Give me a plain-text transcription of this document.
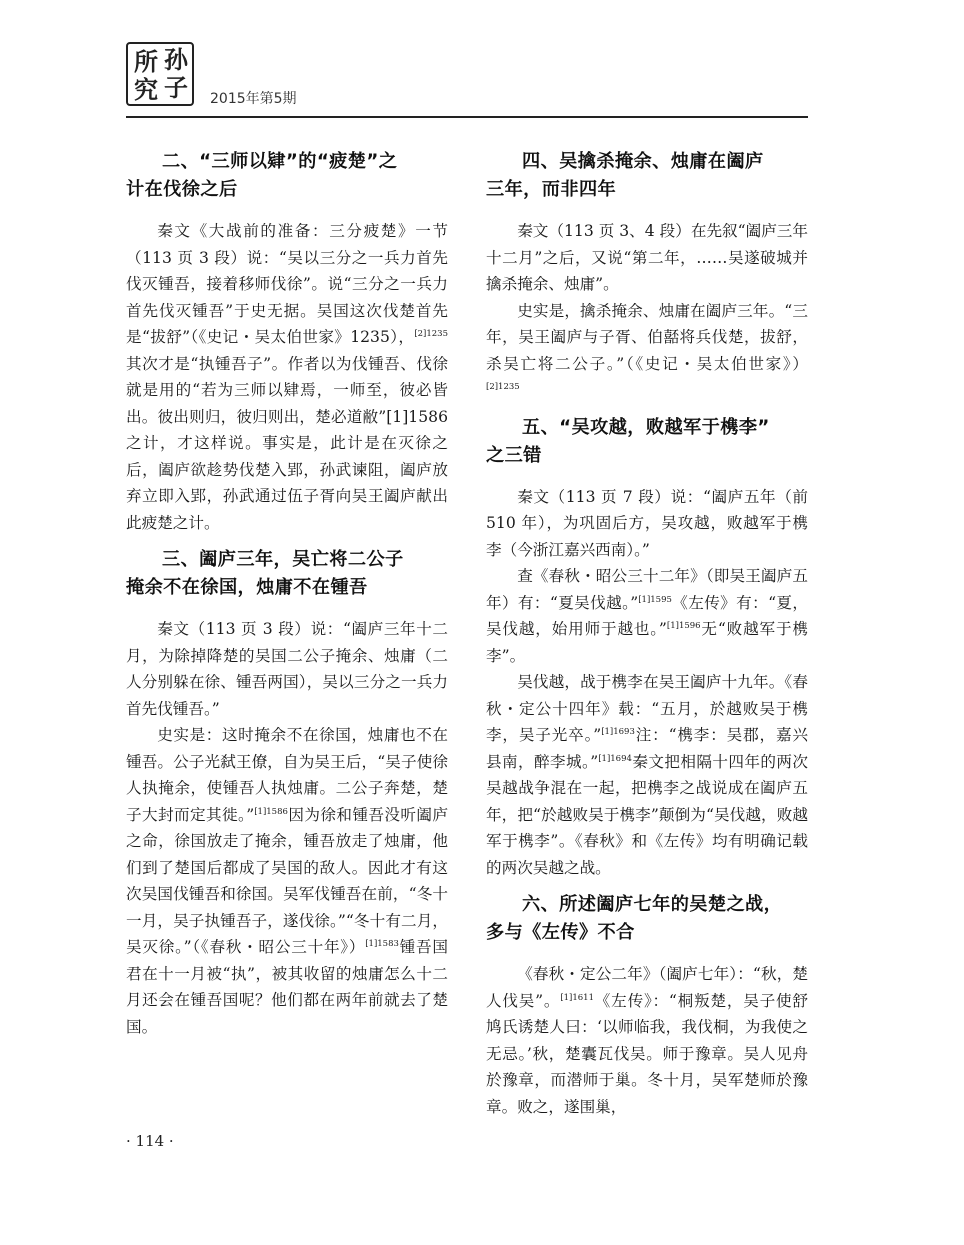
所 孙
究 子 2015年第5期
二、“三师以肄”的“疲楚”之
计在伐徐之后

秦文《大战前的准备：三分疲楚》一节（113 页 3 段）说：“吴以三分之一兵力首先伐灭锺吾，接着移师伐徐”。说“三分之一兵力首先伐灭锺吾”于史无据。吴国这次伐楚首先是“拔舒”（《史记・吴太伯世家》1235），$^{[2]1235}$其次才是“执锺吾子”。作者以为伐锺吾、伐徐就是用的“若为三师以肄焉，一师至，彼必皆出。彼出则归，彼归则出，楚必道敝”[1]1586 之计，才这样说。事实是，此计是在灭徐之后，阖庐欲趁势伐楚入郢，孙武谏阻，阖庐放弃立即入郢，孙武通过伍子胥向吴王阖庐献出此疲楚之计。

三、阖庐三年，吴亡将二公子
掩余不在徐国，烛庸不在锺吾

秦文（113 页 3 段）说：“阖庐三年十二月，为除掉降楚的吴国二公子掩余、烛庸（二人分别躲在徐、锺吾两国），吴以三分之一兵力首先伐锺吾。”

史实是：这时掩余不在徐国，烛庸也不在锺吾。公子光弑王僚，自为吴王后，“吴子使徐人执掩余，使锺吾人执烛庸。二公子奔楚，楚子大封而定其徙。”$^{[1]1586}$因为徐和锺吾没听阖庐之命，徐国放走了掩余，锺吾放走了烛庸，他们到了楚国后都成了吴国的敌人。因此才有这次吴国伐锺吾和徐国。吴军伐锺吾在前，“冬十一月，吴子执锺吾子，遂伐徐。”“冬十有二月，吴灭徐。”（《春秋・昭公三十年》）$^{[1]1583}$锺吾国君在十一月被“执”，被其收留的烛庸怎么十二月还会在锺吾国呢？他们都在两年前就去了楚国。

四、吴擒杀掩余、烛庸在阖庐
三年，而非四年

秦文（113 页 3、4 段）在先叙“阖庐三年十二月”之后，又说“第二年，……吴遂破城并擒杀掩余、烛庸”。

史实是，擒杀掩余、烛庸在阖庐三年。“三年，吴王阖庐与子胥、伯嚭将兵伐楚，拔舒，杀吴亡将二公子。”（《史记・吴太伯世家》）$^{[2]1235}$

五、“吴攻越，败越军于槜李”
之三错

秦文（113 页 7 段）说：“阖庐五年（前 510 年），为巩固后方，吴攻越，败越军于槜李（今浙江嘉兴西南）。”

查《春秋・昭公三十二年》（即吴王阖庐五年）有：“夏吴伐越。”$^{[1]1595}$《左传》有：“夏，吴伐越，始用师于越也。”$^{[1]1596}$无“败越军于槜李”。

吴伐越，战于槜李在吴王阖庐十九年。《春秋・定公十四年》载：“五月，於越败吴于槜李，吴子光卒。”$^{[1]1693}$注：“槜李：吴郡，嘉兴县南，醉李城。”$^{[1]1694}$秦文把相隔十四年的两次吴越战争混在一起，把槜李之战说成在阖庐五年，把“於越败吴于槜李”颠倒为“吴伐越，败越军于槜李”。《春秋》和《左传》均有明确记载的两次吴越之战。

六、所述阖庐七年的吴楚之战，
多与《左传》不合

《春秋・定公二年》（阖庐七年）：“秋，楚人伐吴”。$^{[1]1611}$《左传》：“桐叛楚，吴子使舒鸠氏诱楚人曰：‘以师临我，我伐桐，为我使之无忌。’秋，楚囊瓦伐吴。师于豫章。吴人见舟於豫章，而潜师于巢。冬十月，吴军楚师於豫章。败之，遂围巢，

· 114 ·
